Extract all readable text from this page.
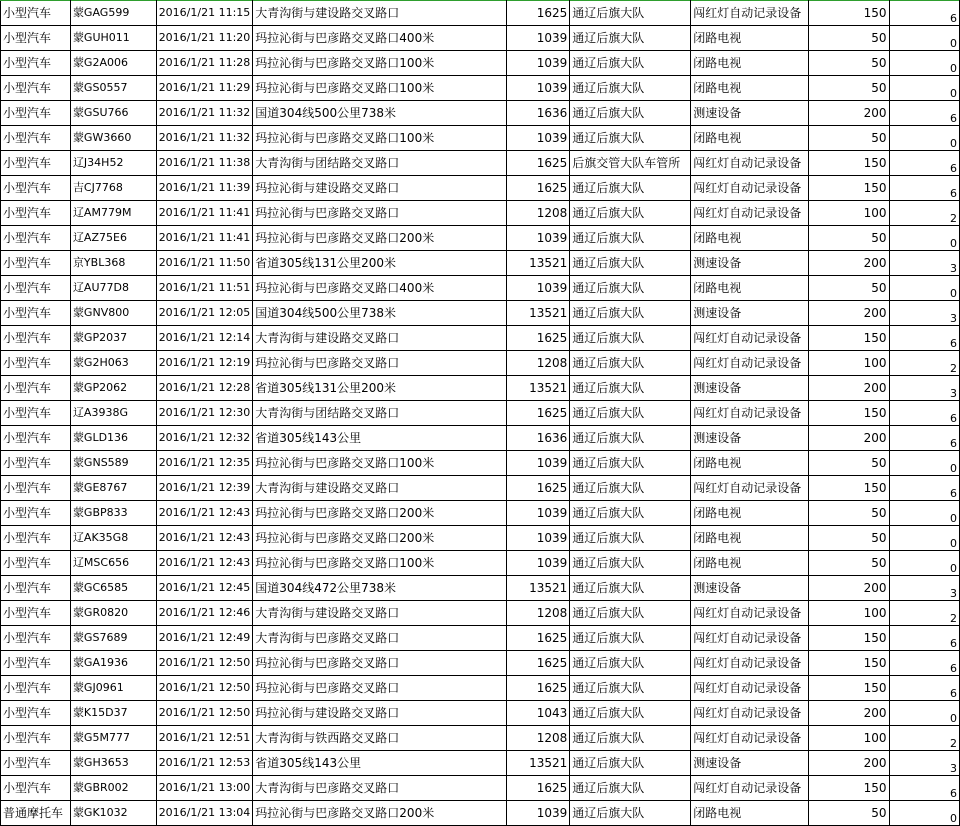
小型汽车	蒙GAG599	2016/1/21 11:15	大青沟街与建设路交叉路口	1625	通辽后旗大队	闯红灯自动记录设备	150	6
小型汽车	蒙GUH011	2016/1/21 11:20	玛拉沁街与巴彦路交叉路口400米	1039	通辽后旗大队	闭路电视	50	0
小型汽车	蒙G2A006	2016/1/21 11:28	玛拉沁街与巴彦路交叉路口100米	1039	通辽后旗大队	闭路电视	50	0
小型汽车	蒙GS0557	2016/1/21 11:29	玛拉沁街与巴彦路交叉路口100米	1039	通辽后旗大队	闭路电视	50	0
小型汽车	蒙GSU766	2016/1/21 11:32	国道304线500公里738米	1636	通辽后旗大队	测速设备	200	6
小型汽车	蒙GW3660	2016/1/21 11:32	玛拉沁街与巴彦路交叉路口100米	1039	通辽后旗大队	闭路电视	50	0
小型汽车	辽J34H52	2016/1/21 11:38	大青沟街与团结路交叉路口	1625	后旗交管大队车管所	闯红灯自动记录设备	150	6
小型汽车	吉CJ7768	2016/1/21 11:39	玛拉沁街与建设路交叉路口	1625	通辽后旗大队	闯红灯自动记录设备	150	6
小型汽车	辽AM779M	2016/1/21 11:41	玛拉沁街与巴彦路交叉路口	1208	通辽后旗大队	闯红灯自动记录设备	100	2
小型汽车	辽AZ75E6	2016/1/21 11:41	玛拉沁街与巴彦路交叉路口200米	1039	通辽后旗大队	闭路电视	50	0
小型汽车	京YBL368	2016/1/21 11:50	省道305线131公里200米	13521	通辽后旗大队	测速设备	200	3
小型汽车	辽AU77D8	2016/1/21 11:51	玛拉沁街与巴彦路交叉路口400米	1039	通辽后旗大队	闭路电视	50	0
小型汽车	蒙GNV800	2016/1/21 12:05	国道304线500公里738米	13521	通辽后旗大队	测速设备	200	3
小型汽车	蒙GP2037	2016/1/21 12:14	大青沟街与建设路交叉路口	1625	通辽后旗大队	闯红灯自动记录设备	150	6
小型汽车	蒙G2H063	2016/1/21 12:19	玛拉沁街与巴彦路交叉路口	1208	通辽后旗大队	闯红灯自动记录设备	100	2
小型汽车	蒙GP2062	2016/1/21 12:28	省道305线131公里200米	13521	通辽后旗大队	测速设备	200	3
小型汽车	辽A3938G	2016/1/21 12:30	大青沟街与团结路交叉路口	1625	通辽后旗大队	闯红灯自动记录设备	150	6
小型汽车	蒙GLD136	2016/1/21 12:32	省道305线143公里	1636	通辽后旗大队	测速设备	200	6
小型汽车	蒙GNS589	2016/1/21 12:35	玛拉沁街与巴彦路交叉路口100米	1039	通辽后旗大队	闭路电视	50	0
小型汽车	蒙GE8767	2016/1/21 12:39	大青沟街与建设路交叉路口	1625	通辽后旗大队	闯红灯自动记录设备	150	6
小型汽车	蒙GBP833	2016/1/21 12:43	玛拉沁街与巴彦路交叉路口200米	1039	通辽后旗大队	闭路电视	50	0
小型汽车	辽AK35G8	2016/1/21 12:43	玛拉沁街与巴彦路交叉路口200米	1039	通辽后旗大队	闭路电视	50	0
小型汽车	辽MSC656	2016/1/21 12:43	玛拉沁街与巴彦路交叉路口100米	1039	通辽后旗大队	闭路电视	50	0
小型汽车	蒙GC6585	2016/1/21 12:45	国道304线472公里738米	13521	通辽后旗大队	测速设备	200	3
小型汽车	蒙GR0820	2016/1/21 12:46	大青沟街与建设路交叉路口	1208	通辽后旗大队	闯红灯自动记录设备	100	2
小型汽车	蒙GS7689	2016/1/21 12:49	大青沟街与巴彦路交叉路口	1625	通辽后旗大队	闯红灯自动记录设备	150	6
小型汽车	蒙GA1936	2016/1/21 12:50	玛拉沁街与巴彦路交叉路口	1625	通辽后旗大队	闯红灯自动记录设备	150	6
小型汽车	蒙GJ0961	2016/1/21 12:50	玛拉沁街与巴彦路交叉路口	1625	通辽后旗大队	闯红灯自动记录设备	150	6
小型汽车	蒙K15D37	2016/1/21 12:50	玛拉沁街与建设路交叉路口	1043	通辽后旗大队	闯红灯自动记录设备	200	0
小型汽车	蒙G5M777	2016/1/21 12:51	大青沟街与铁西路交叉路口	1208	通辽后旗大队	闯红灯自动记录设备	100	2
小型汽车	蒙GH3653	2016/1/21 12:53	省道305线143公里	13521	通辽后旗大队	测速设备	200	3
小型汽车	蒙GBR002	2016/1/21 13:00	大青沟街与巴彦路交叉路口	1625	通辽后旗大队	闯红灯自动记录设备	150	6
普通摩托车	蒙GK1032	2016/1/21 13:04	玛拉沁街与巴彦路交叉路口200米	1039	通辽后旗大队	闭路电视	50	0
